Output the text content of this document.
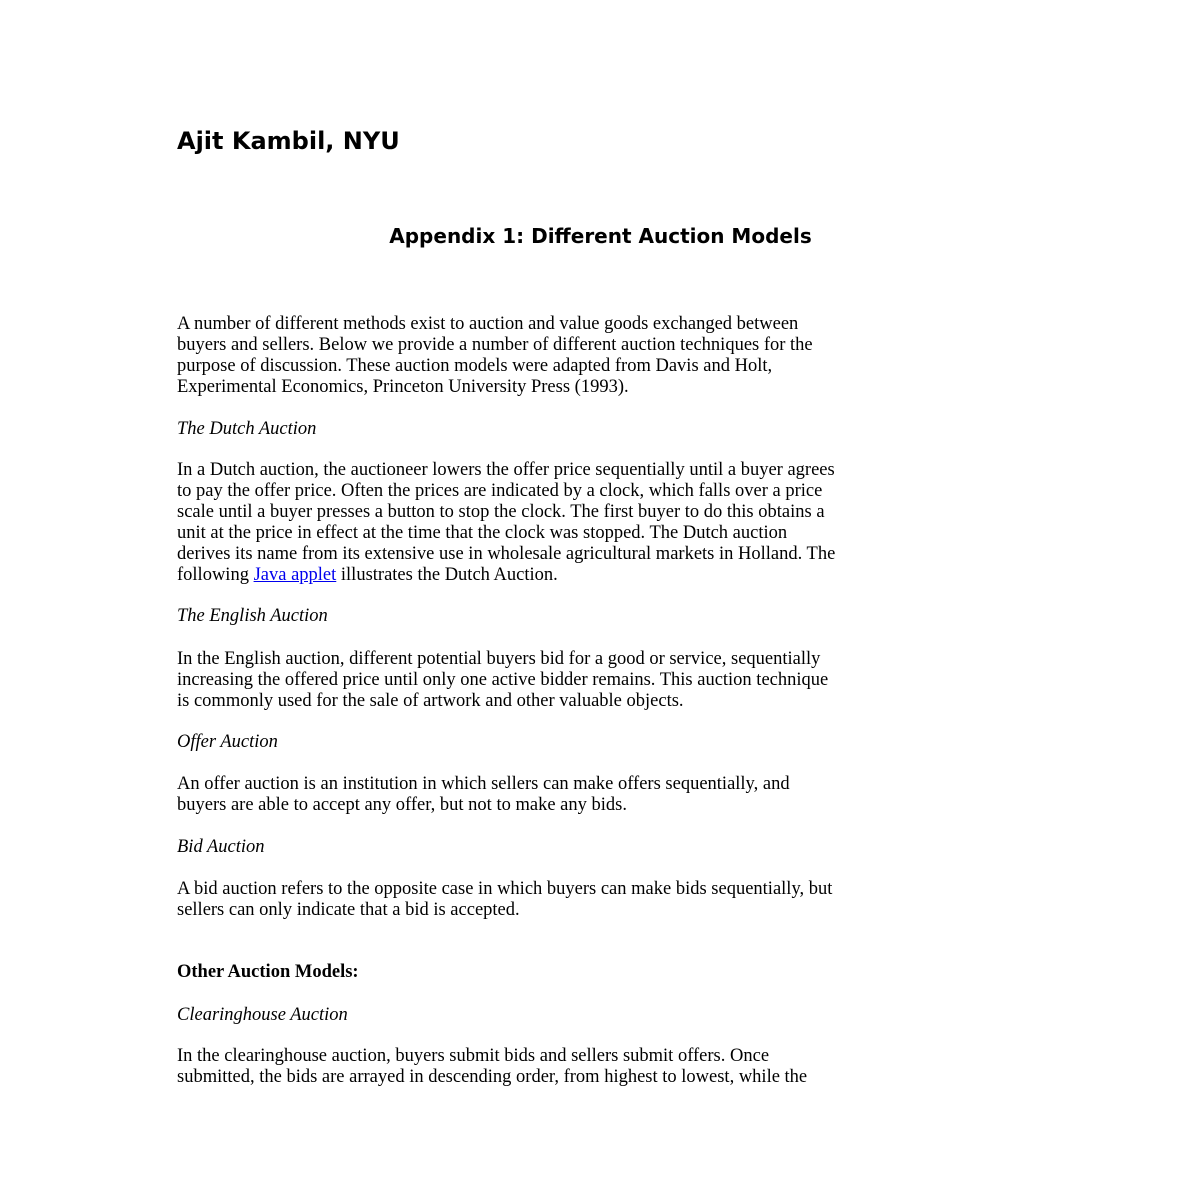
Ajit Kambil, NYU
Appendix 1: Different Auction Models

A number of different methods exist to auction and value goods exchanged between
buyers and sellers. Below we provide a number of different auction techniques for the
purpose of discussion. These auction models were adapted from Davis and Holt,
Experimental Economics, Princeton University Press (1993).

The Dutch Auction

In a Dutch auction, the auctioneer lowers the offer price sequentially until a buyer agrees
to pay the offer price. Often the prices are indicated by a clock, which falls over a price
scale until a buyer presses a button to stop the clock. The first buyer to do this obtains a
unit at the price in effect at the time that the clock was stopped. The Dutch auction
derives its name from its extensive use in wholesale agricultural markets in Holland. The
following Java applet illustrates the Dutch Auction.

The English Auction

In the English auction, different potential buyers bid for a good or service, sequentially
increasing the offered price until only one active bidder remains. This auction technique
is commonly used for the sale of artwork and other valuable objects.

Offer Auction

An offer auction is an institution in which sellers can make offers sequentially, and
buyers are able to accept any offer, but not to make any bids.

Bid Auction

A bid auction refers to the opposite case in which buyers can make bids sequentially, but
sellers can only indicate that a bid is accepted.

Other Auction Models:

Clearinghouse Auction

In the clearinghouse auction, buyers submit bids and sellers submit offers. Once
submitted, the bids are arrayed in descending order, from highest to lowest, while the
